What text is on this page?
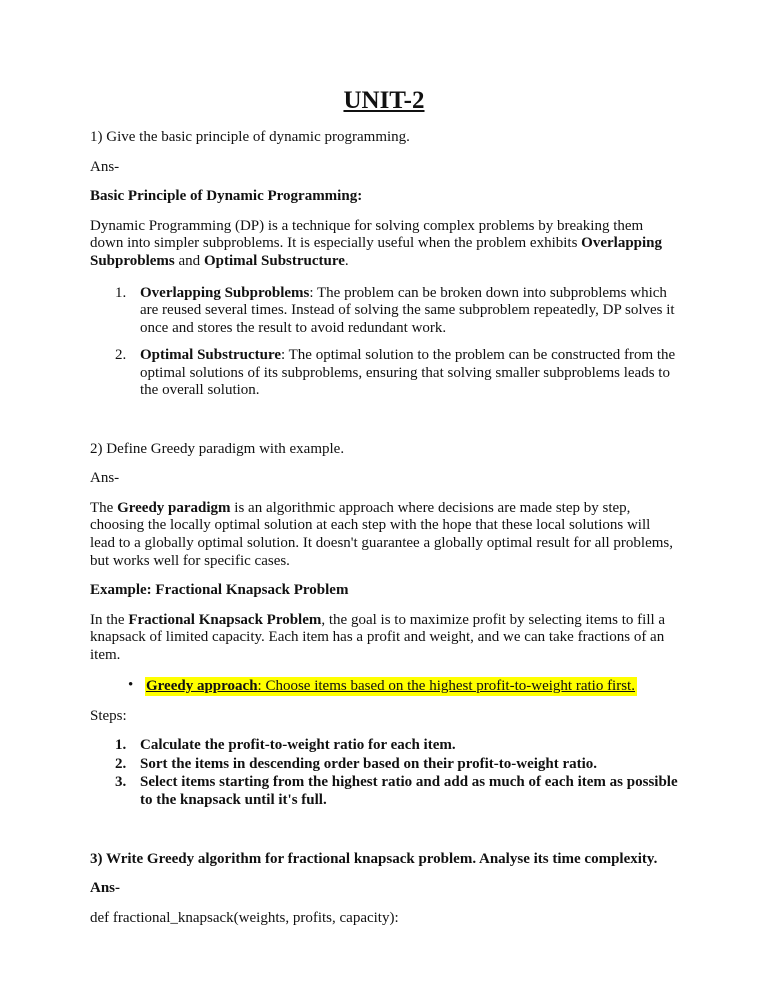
UNIT-2

1) Give the basic principle of dynamic programming.

Ans-

Basic Principle of Dynamic Programming:

Dynamic Programming (DP) is a technique for solving complex problems by breaking them down into simpler subproblems. It is especially useful when the problem exhibits Overlapping Subproblems and Optimal Substructure.

1. Overlapping Subproblems: The problem can be broken down into subproblems which are reused several times. Instead of solving the same subproblem repeatedly, DP solves it once and stores the result to avoid redundant work.
2. Optimal Substructure: The optimal solution to the problem can be constructed from the optimal solutions of its subproblems, ensuring that solving smaller subproblems leads to the overall solution.

2) Define Greedy paradigm with example.

Ans-

The Greedy paradigm is an algorithmic approach where decisions are made step by step, choosing the locally optimal solution at each step with the hope that these local solutions will lead to a globally optimal solution. It doesn't guarantee a globally optimal result for all problems, but works well for specific cases.

Example: Fractional Knapsack Problem

In the Fractional Knapsack Problem, the goal is to maximize profit by selecting items to fill a knapsack of limited capacity. Each item has a profit and weight, and we can take fractions of an item.

• Greedy approach: Choose items based on the highest profit-to-weight ratio first.

Steps:

1. Calculate the profit-to-weight ratio for each item.
2. Sort the items in descending order based on their profit-to-weight ratio.
3. Select items starting from the highest ratio and add as much of each item as possible to the knapsack until it's full.

3) Write Greedy algorithm for fractional knapsack problem. Analyse its time complexity.

Ans-

def fractional_knapsack(weights, profits, capacity):
